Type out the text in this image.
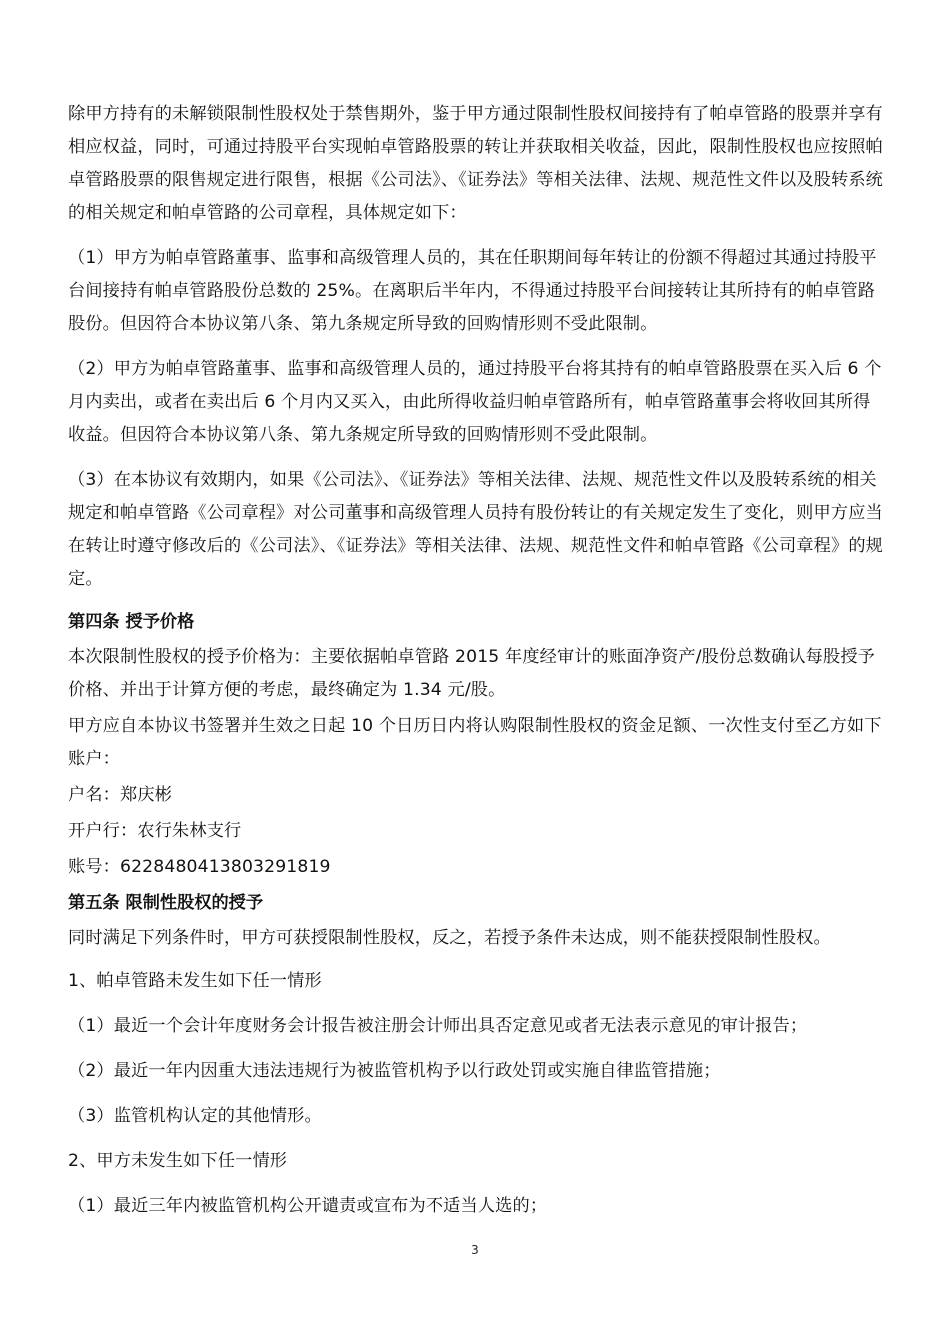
除甲方持有的未解锁限制性股权处于禁售期外，鉴于甲方通过限制性股权间接持有了帕卓管路的股票并享有相应权益，同时，可通过持股平台实现帕卓管路股票的转让并获取相关收益，因此，限制性股权也应按照帕卓管路股票的限售规定进行限售，根据《公司法》、《证券法》等相关法律、法规、规范性文件以及股转系统的相关规定和帕卓管路的公司章程，具体规定如下：

（1）甲方为帕卓管路董事、监事和高级管理人员的，其在任职期间每年转让的份额不得超过其通过持股平台间接持有帕卓管路股份总数的 25%。在离职后半年内，不得通过持股平台间接转让其所持有的帕卓管路股份。但因符合本协议第八条、第九条规定所导致的回购情形则不受此限制。

（2）甲方为帕卓管路董事、监事和高级管理人员的，通过持股平台将其持有的帕卓管路股票在买入后 6 个月内卖出，或者在卖出后 6 个月内又买入，由此所得收益归帕卓管路所有，帕卓管路董事会将收回其所得收益。但因符合本协议第八条、第九条规定所导致的回购情形则不受此限制。

（3）在本协议有效期内，如果《公司法》、《证券法》等相关法律、法规、规范性文件以及股转系统的相关规定和帕卓管路《公司章程》对公司董事和高级管理人员持有股份转让的有关规定发生了变化，则甲方应当在转让时遵守修改后的《公司法》、《证券法》等相关法律、法规、规范性文件和帕卓管路《公司章程》的规定。

第四条 授予价格

本次限制性股权的授予价格为：主要依据帕卓管路 2015 年度经审计的账面净资产/股份总数确认每股授予价格、并出于计算方便的考虑，最终确定为 1.34 元/股。

甲方应自本协议书签署并生效之日起 10 个日历日内将认购限制性股权的资金足额、一次性支付至乙方如下账户：

户名：郑庆彬

开户行：农行朱林支行

账号：6228480413803291819

第五条 限制性股权的授予

同时满足下列条件时，甲方可获授限制性股权，反之，若授予条件未达成，则不能获授限制性股权。

1、帕卓管路未发生如下任一情形

（1）最近一个会计年度财务会计报告被注册会计师出具否定意见或者无法表示意见的审计报告；

（2）最近一年内因重大违法违规行为被监管机构予以行政处罚或实施自律监管措施；

（3）监管机构认定的其他情形。

2、甲方未发生如下任一情形

（1）最近三年内被监管机构公开谴责或宣布为不适当人选的；

3
